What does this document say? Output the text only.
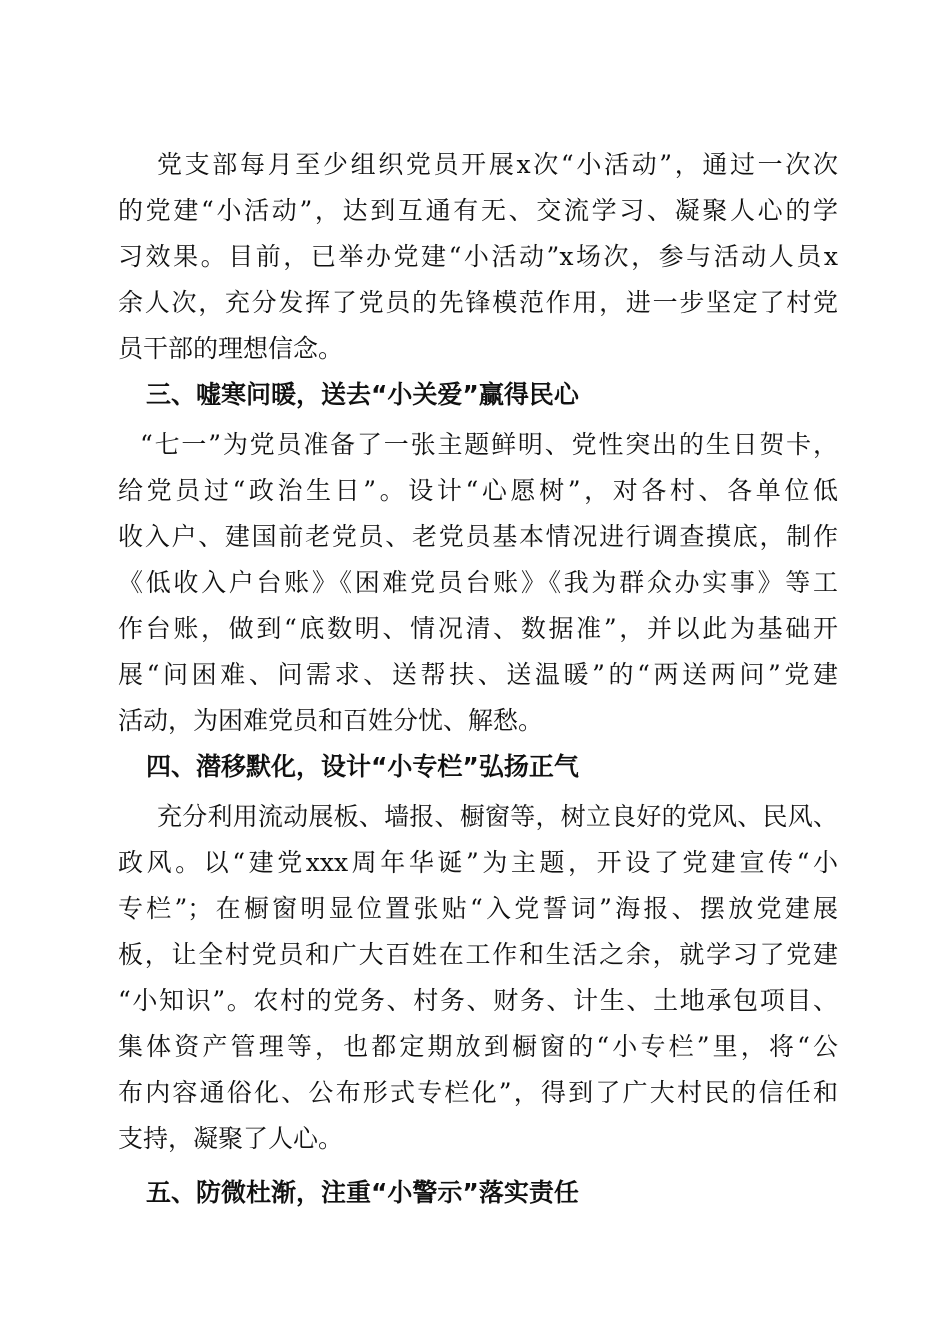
党支部每月至少组织党员开展x次“小活动”，通过一次次
的党建“小活动”，达到互通有无、交流学习、凝聚人心的学
习效果。目前，已举办党建“小活动”x场次，参与活动人员x
余人次，充分发挥了党员的先锋模范作用，进一步坚定了村党
员干部的理想信念。
三、嘘寒问暖，送去“小关爱”赢得民心
“七一”为党员准备了一张主题鲜明、党性突出的生日贺卡，
给党员过“政治生日”。设计“心愿树”，对各村、各单位低
收入户、建国前老党员、老党员基本情况进行调查摸底，制作
《低收入户台账》《困难党员台账》《我为群众办实事》等工
作台账，做到“底数明、情况清、数据准”，并以此为基础开
展“问困难、问需求、送帮扶、送温暖”的“两送两问”党建
活动，为困难党员和百姓分忧、解愁。
四、潜移默化，设计“小专栏”弘扬正气
充分利用流动展板、墙报、橱窗等，树立良好的党风、民风、
政风。以“建党xxx周年华诞”为主题，开设了党建宣传“小
专栏”；在橱窗明显位置张贴“入党誓词”海报、摆放党建展
板，让全村党员和广大百姓在工作和生活之余，就学习了党建
“小知识”。农村的党务、村务、财务、计生、土地承包项目、
集体资产管理等，也都定期放到橱窗的“小专栏”里，将“公
布内容通俗化、公布形式专栏化”，得到了广大村民的信任和
支持，凝聚了人心。
五、防微杜渐，注重“小警示”落实责任
